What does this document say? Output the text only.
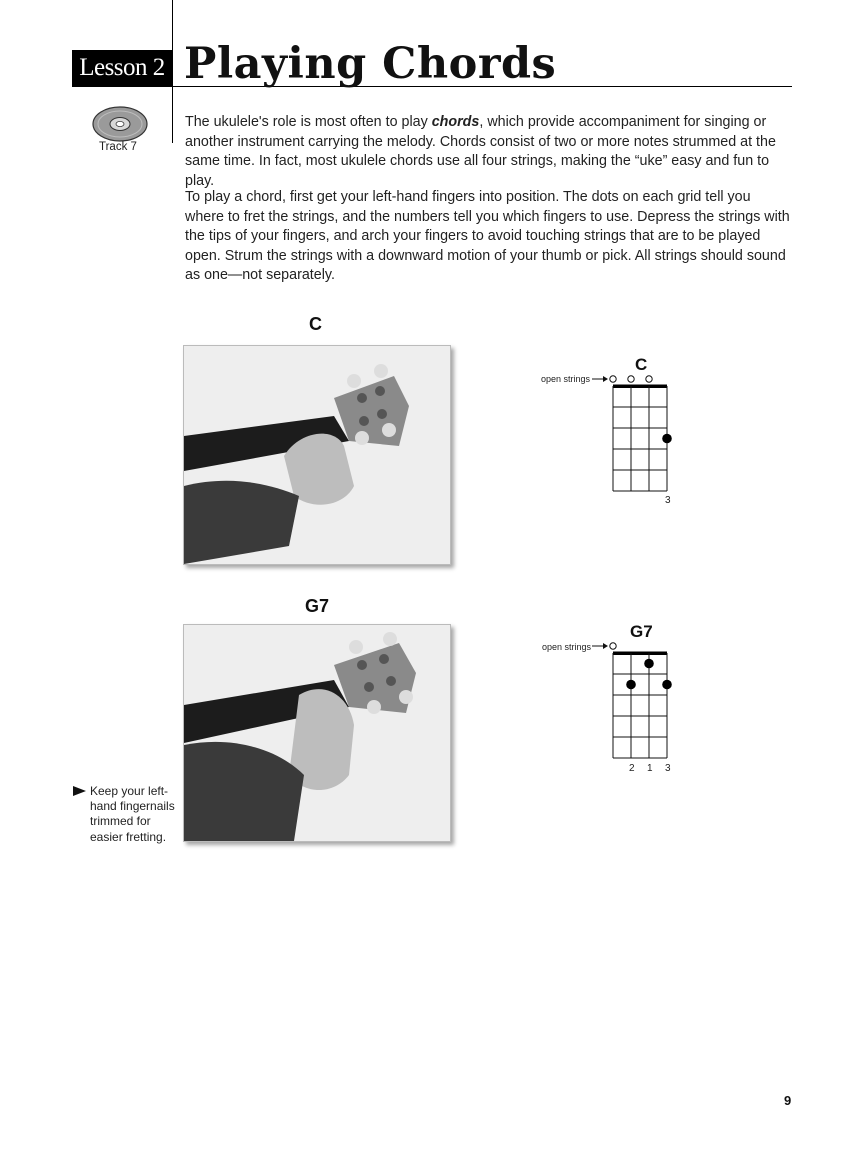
Lesson 2 Playing Chords
Track 7

The ukulele's role is most often to play chords, which provide accompaniment for singing or another instrument carrying the melody. Chords consist of two or more notes strummed at the same time. In fact, most ukulele chords use all four strings, making the “uke” easy and fun to play.

To play a chord, first get your left-hand fingers into position. The dots on each grid tell you where to fret the strings, and the numbers tell you which fingers to use. Depress the strings with the tips of your fingers, and arch your fingers to avoid touching strings that are to be played open. Strum the strings with a downward motion of your thumb or pick. All strings should sound as one—not separately.

C
C
open strings
3
G7
G7
open strings
2 1 3
Keep your left-hand fingernails trimmed for easier fretting.
9
